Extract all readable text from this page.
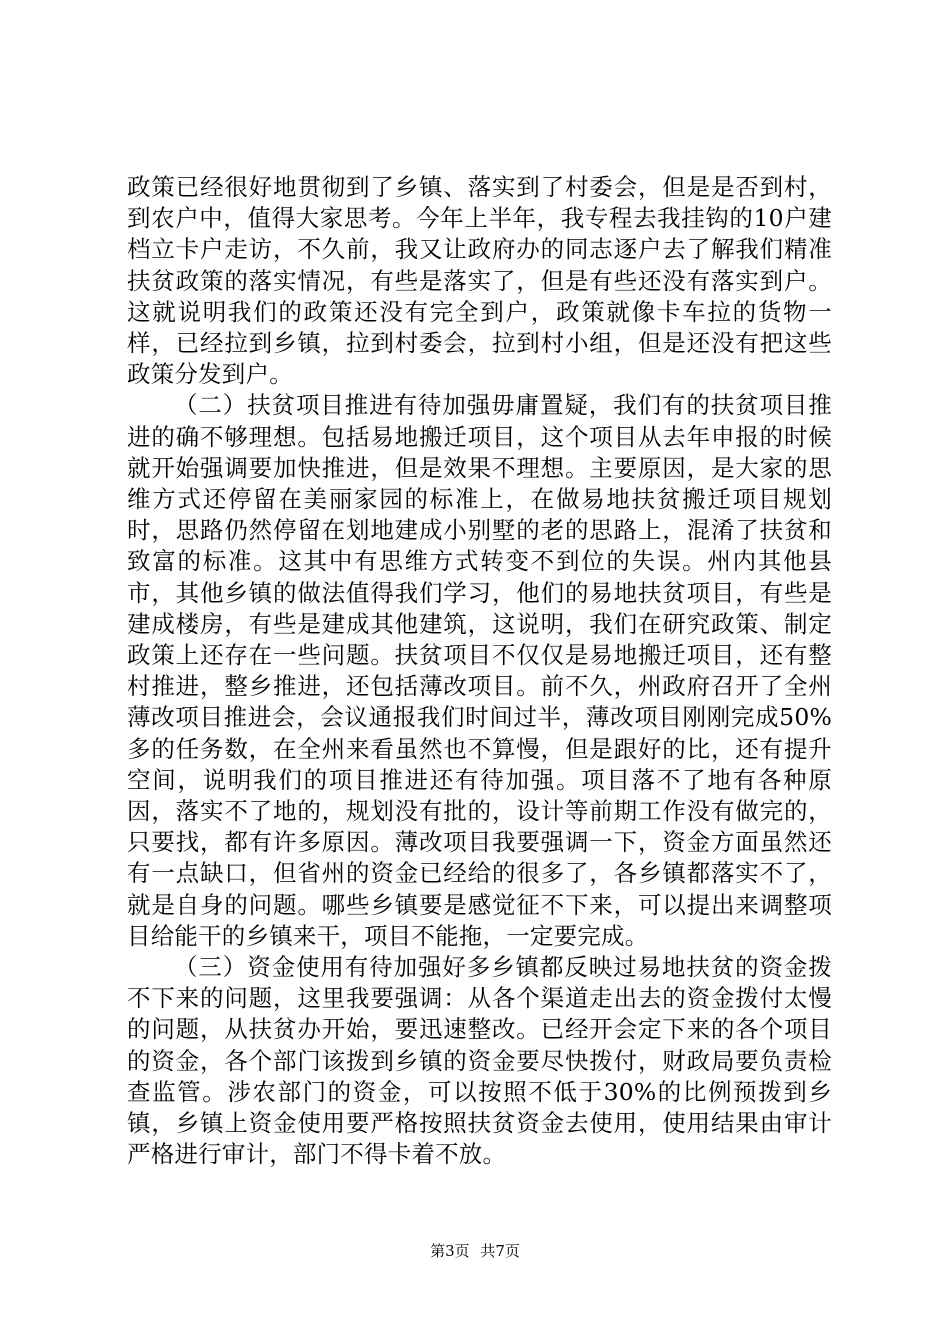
政策已经很好地贯彻到了乡镇、落实到了村委会，但是是否到村，到农户中，值得大家思考。今年上半年，我专程去我挂钩的10户建档立卡户走访，不久前，我又让政府办的同志逐户去了解我们精准扶贫政策的落实情况，有些是落实了，但是有些还没有落实到户。这就说明我们的政策还没有完全到户，政策就像卡车拉的货物一样，已经拉到乡镇，拉到村委会，拉到村小组，但是还没有把这些政策分发到户。

（二）扶贫项目推进有待加强毋庸置疑，我们有的扶贫项目推进的确不够理想。包括易地搬迁项目，这个项目从去年申报的时候就开始强调要加快推进，但是效果不理想。主要原因，是大家的思维方式还停留在美丽家园的标准上，在做易地扶贫搬迁项目规划时，思路仍然停留在划地建成小别墅的老的思路上，混淆了扶贫和致富的标准。这其中有思维方式转变不到位的失误。州内其他县市，其他乡镇的做法值得我们学习，他们的易地扶贫项目，有些是建成楼房，有些是建成其他建筑，这说明，我们在研究政策、制定政策上还存在一些问题。扶贫项目不仅仅是易地搬迁项目，还有整村推进，整乡推进，还包括薄改项目。前不久，州政府召开了全州薄改项目推进会，会议通报我们时间过半，薄改项目刚刚完成50%多的任务数，在全州来看虽然也不算慢，但是跟好的比，还有提升空间，说明我们的项目推进还有待加强。项目落不了地有各种原因，落实不了地的，规划没有批的，设计等前期工作没有做完的，只要找，都有许多原因。薄改项目我要强调一下，资金方面虽然还有一点缺口，但省州的资金已经给的很多了，各乡镇都落实不了，就是自身的问题。哪些乡镇要是感觉征不下来，可以提出来调整项目给能干的乡镇来干，项目不能拖，一定要完成。

（三）资金使用有待加强好多乡镇都反映过易地扶贫的资金拨不下来的问题，这里我要强调：从各个渠道走出去的资金拨付太慢的问题，从扶贫办开始，要迅速整改。已经开会定下来的各个项目的资金，各个部门该拨到乡镇的资金要尽快拨付，财政局要负责检查监管。涉农部门的资金，可以按照不低于30%的比例预拨到乡镇，乡镇上资金使用要严格按照扶贫资金去使用，使用结果由审计严格进行审计，部门不得卡着不放。

第3页 共7页
